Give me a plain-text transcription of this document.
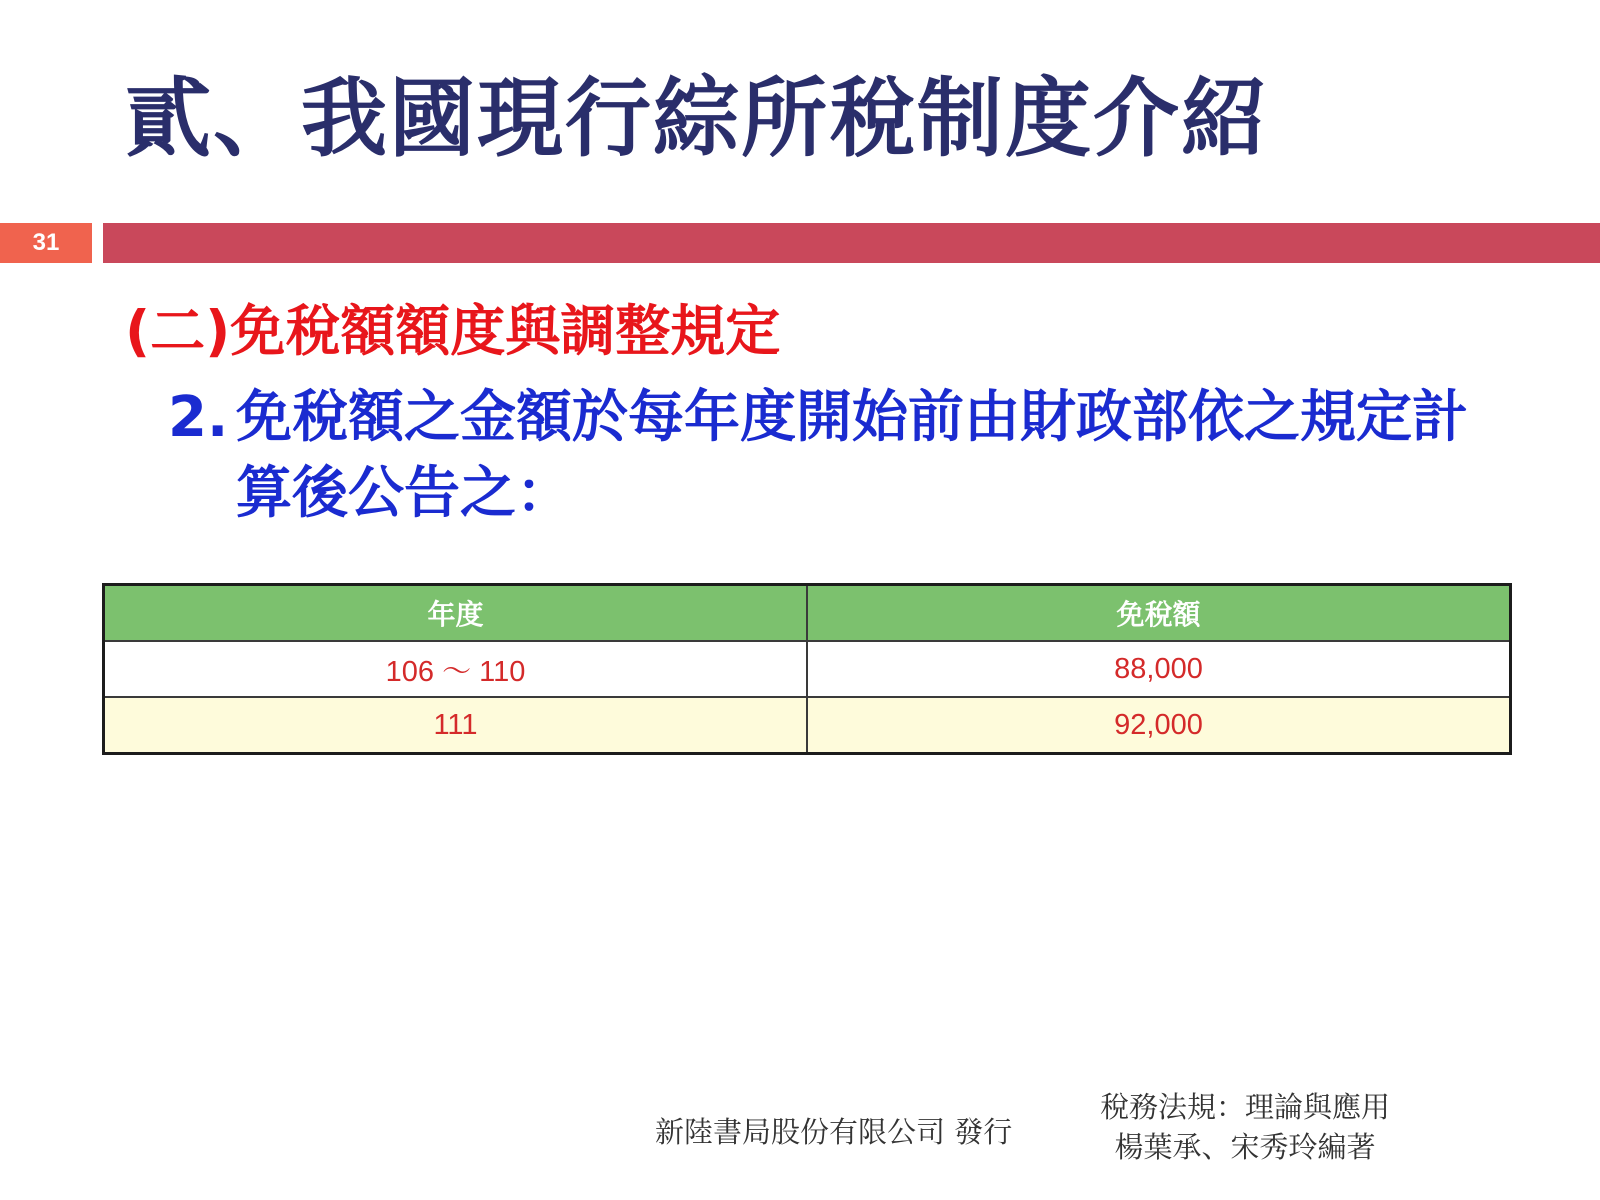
貳、我國現行綜所稅制度介紹
31
(二)免稅額額度與調整規定
2. 免稅額之金額於每年度開始前由財政部依之規定計算後公告之：
年度	免稅額
106 ～ 110	88,000
111	92,000
新陸書局股份有限公司 發行
稅務法規：理論與應用
楊葉承、宋秀玲編著
